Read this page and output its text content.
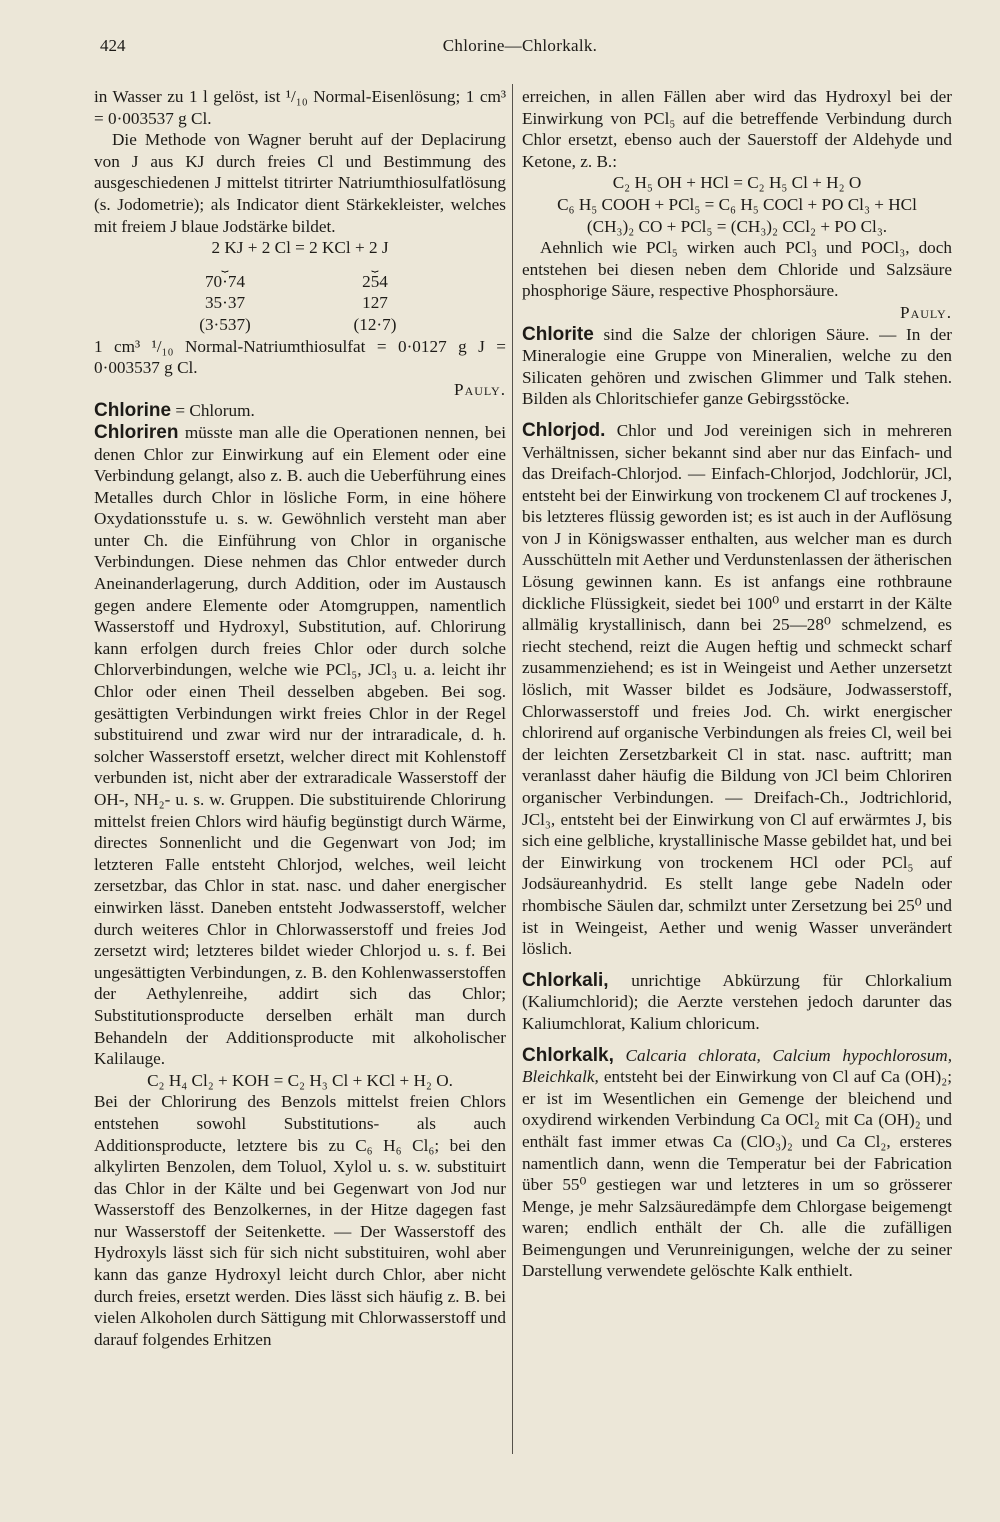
424	Chlorine—Chlorkalk.

in Wasser zu 1 l gelöst, ist ¹/₁₀ Normal-Eisenlösung; 1 cm³ = 0·003537 g Cl.

Die Methode von Wagner beruht auf der Deplacirung von J aus KJ durch freies Cl und Bestimmung des ausgeschiedenen J mittelst titrirter Natriumthiosulfatlösung (s. Jodometrie); als Indicator dient Stärkekleister, welches mit freiem J blaue Jodstärke bildet.

2 KJ + 2 Cl = 2 KCl + 2 J

⏟	⏟
70·74	254
35·37	127
(3·537)	(12·7)

1 cm³ ¹/₁₀ Normal-Natriumthiosulfat = 0·0127 g J = 0·003537 g Cl.

Pauly.

Chlorine = Chlorum.

Chloriren müsste man alle die Operationen nennen, bei denen Chlor zur Einwirkung auf ein Element oder eine Verbindung gelangt, also z. B. auch die Ueberführung eines Metalles durch Chlor in lösliche Form, in eine höhere Oxydationsstufe u. s. w. Gewöhnlich versteht man aber unter Ch. die Einführung von Chlor in organische Verbindungen. Diese nehmen das Chlor entweder durch Aneinanderlagerung, durch Addition, oder im Austausch gegen andere Elemente oder Atomgruppen, namentlich Wasserstoff und Hydroxyl, Substitution, auf. Chlorirung kann erfolgen durch freies Chlor oder durch solche Chlorverbindungen, welche wie PCl₅, JCl₃ u. a. leicht ihr Chlor oder einen Theil desselben abgeben. Bei sog. gesättigten Verbindungen wirkt freies Chlor in der Regel substituirend und zwar wird nur der intraradicale, d. h. solcher Wasserstoff ersetzt, welcher direct mit Kohlenstoff verbunden ist, nicht aber der extraradicale Wasserstoff der OH-, NH₂- u. s. w. Gruppen. Die substituirende Chlorirung mittelst freien Chlors wird häufig begünstigt durch Wärme, directes Sonnenlicht und die Gegenwart von Jod; im letzteren Falle entsteht Chlorjod, welches, weil leicht zersetzbar, das Chlor in stat. nasc. und daher energischer einwirken lässt. Daneben entsteht Jodwasserstoff, welcher durch weiteres Chlor in Chlorwasserstoff und freies Jod zersetzt wird; letzteres bildet wieder Chlorjod u. s. f. Bei ungesättigten Verbindungen, z. B. den Kohlenwasserstoffen der Aethylenreihe, addirt sich das Chlor; Substitutionsproducte derselben erhält man durch Behandeln der Additionsproducte mit alkoholischer Kalilauge.

C₂ H₄ Cl₂ + KOH = C₂ H₃ Cl + KCl + H₂ O.

Bei der Chlorirung des Benzols mittelst freien Chlors entstehen sowohl Substitutions- als auch Additionsproducte, letztere bis zu C₆ H₆ Cl₆; bei den alkylirten Benzolen, dem Toluol, Xylol u. s. w. substituirt das Chlor in der Kälte und bei Gegenwart von Jod nur Wasserstoff des Benzolkernes, in der Hitze dagegen fast nur Wasserstoff der Seitenkette. — Der Wasserstoff des Hydroxyls lässt sich für sich nicht substituiren, wohl aber kann das ganze Hydroxyl leicht durch Chlor, aber nicht durch freies, ersetzt werden. Dies lässt sich häufig z. B. bei vielen Alkoholen durch Sättigung mit Chlorwasserstoff und darauf folgendes Erhitzen

erreichen, in allen Fällen aber wird das Hydroxyl bei der Einwirkung von PCl₅ auf die betreffende Verbindung durch Chlor ersetzt, ebenso auch der Sauerstoff der Aldehyde und Ketone, z. B.:

C₂ H₅ OH + HCl = C₂ H₅ Cl + H₂ O

C₆ H₅ COOH + PCl₅ = C₆ H₅ COCl + PO Cl₃ + HCl

(CH₃)₂ CO + PCl₅ = (CH₃)₂ CCl₂ + PO Cl₃.

Aehnlich wie PCl₅ wirken auch PCl₃ und POCl₃, doch entstehen bei diesen neben dem Chloride und Salzsäure phosphorige Säure, respective Phosphorsäure.

Pauly.

Chlorite sind die Salze der chlorigen Säure. — In der Mineralogie eine Gruppe von Mineralien, welche zu den Silicaten gehören und zwischen Glimmer und Talk stehen. Bilden als Chloritschiefer ganze Gebirgsstöcke.

Chlorjod. Chlor und Jod vereinigen sich in mehreren Verhältnissen, sicher bekannt sind aber nur das Einfach- und das Dreifach-Chlorjod. — Einfach-Chlorjod, Jodchlorür, JCl, entsteht bei der Einwirkung von trockenem Cl auf trockenes J, bis letzteres flüssig geworden ist; es ist auch in der Auflösung von J in Königswasser enthalten, aus welcher man es durch Ausschütteln mit Aether und Verdunstenlassen der ätherischen Lösung gewinnen kann. Es ist anfangs eine rothbraune dickliche Flüssigkeit, siedet bei 100⁰ und erstarrt in der Kälte allmälig krystallinisch, dann bei 25—28⁰ schmelzend, es riecht stechend, reizt die Augen heftig und schmeckt scharf zusammenziehend; es ist in Weingeist und Aether unzersetzt löslich, mit Wasser bildet es Jodsäure, Jodwasserstoff, Chlorwasserstoff und freies Jod. Ch. wirkt energischer chlorirend auf organische Verbindungen als freies Cl, weil bei der leichten Zersetzbarkeit Cl in stat. nasc. auftritt; man veranlasst daher häufig die Bildung von JCl beim Chloriren organischer Verbindungen. — Dreifach-Ch., Jodtrichlorid, JCl₃, entsteht bei der Einwirkung von Cl auf erwärmtes J, bis sich eine gelbliche, krystallinische Masse gebildet hat, und bei der Einwirkung von trockenem HCl oder PCl₅ auf Jodsäureanhydrid. Es stellt lange gebe Nadeln oder rhombische Säulen dar, schmilzt unter Zersetzung bei 25⁰ und ist in Weingeist, Aether und wenig Wasser unverändert löslich.

Chlorkali, unrichtige Abkürzung für Chlorkalium (Kaliumchlorid); die Aerzte verstehen jedoch darunter das Kaliumchlorat, Kalium chloricum.

Chlorkalk, Calcaria chlorata, Calcium hypochlorosum, Bleichkalk, entsteht bei der Einwirkung von Cl auf Ca (OH)₂; er ist im Wesentlichen ein Gemenge der bleichend und oxydirend wirkenden Verbindung Ca OCl₂ mit Ca (OH)₂ und enthält fast immer etwas Ca (ClO₃)₂ und Ca Cl₂, ersteres namentlich dann, wenn die Temperatur bei der Fabrication über 55⁰ gestiegen war und letzteres in um so grösserer Menge, je mehr Salzsäuredämpfe dem Chlorgase beigemengt waren; endlich enthält der Ch. alle die zufälligen Beimengungen und Verunreinigungen, welche der zu seiner Darstellung verwendete gelöschte Kalk enthielt.
